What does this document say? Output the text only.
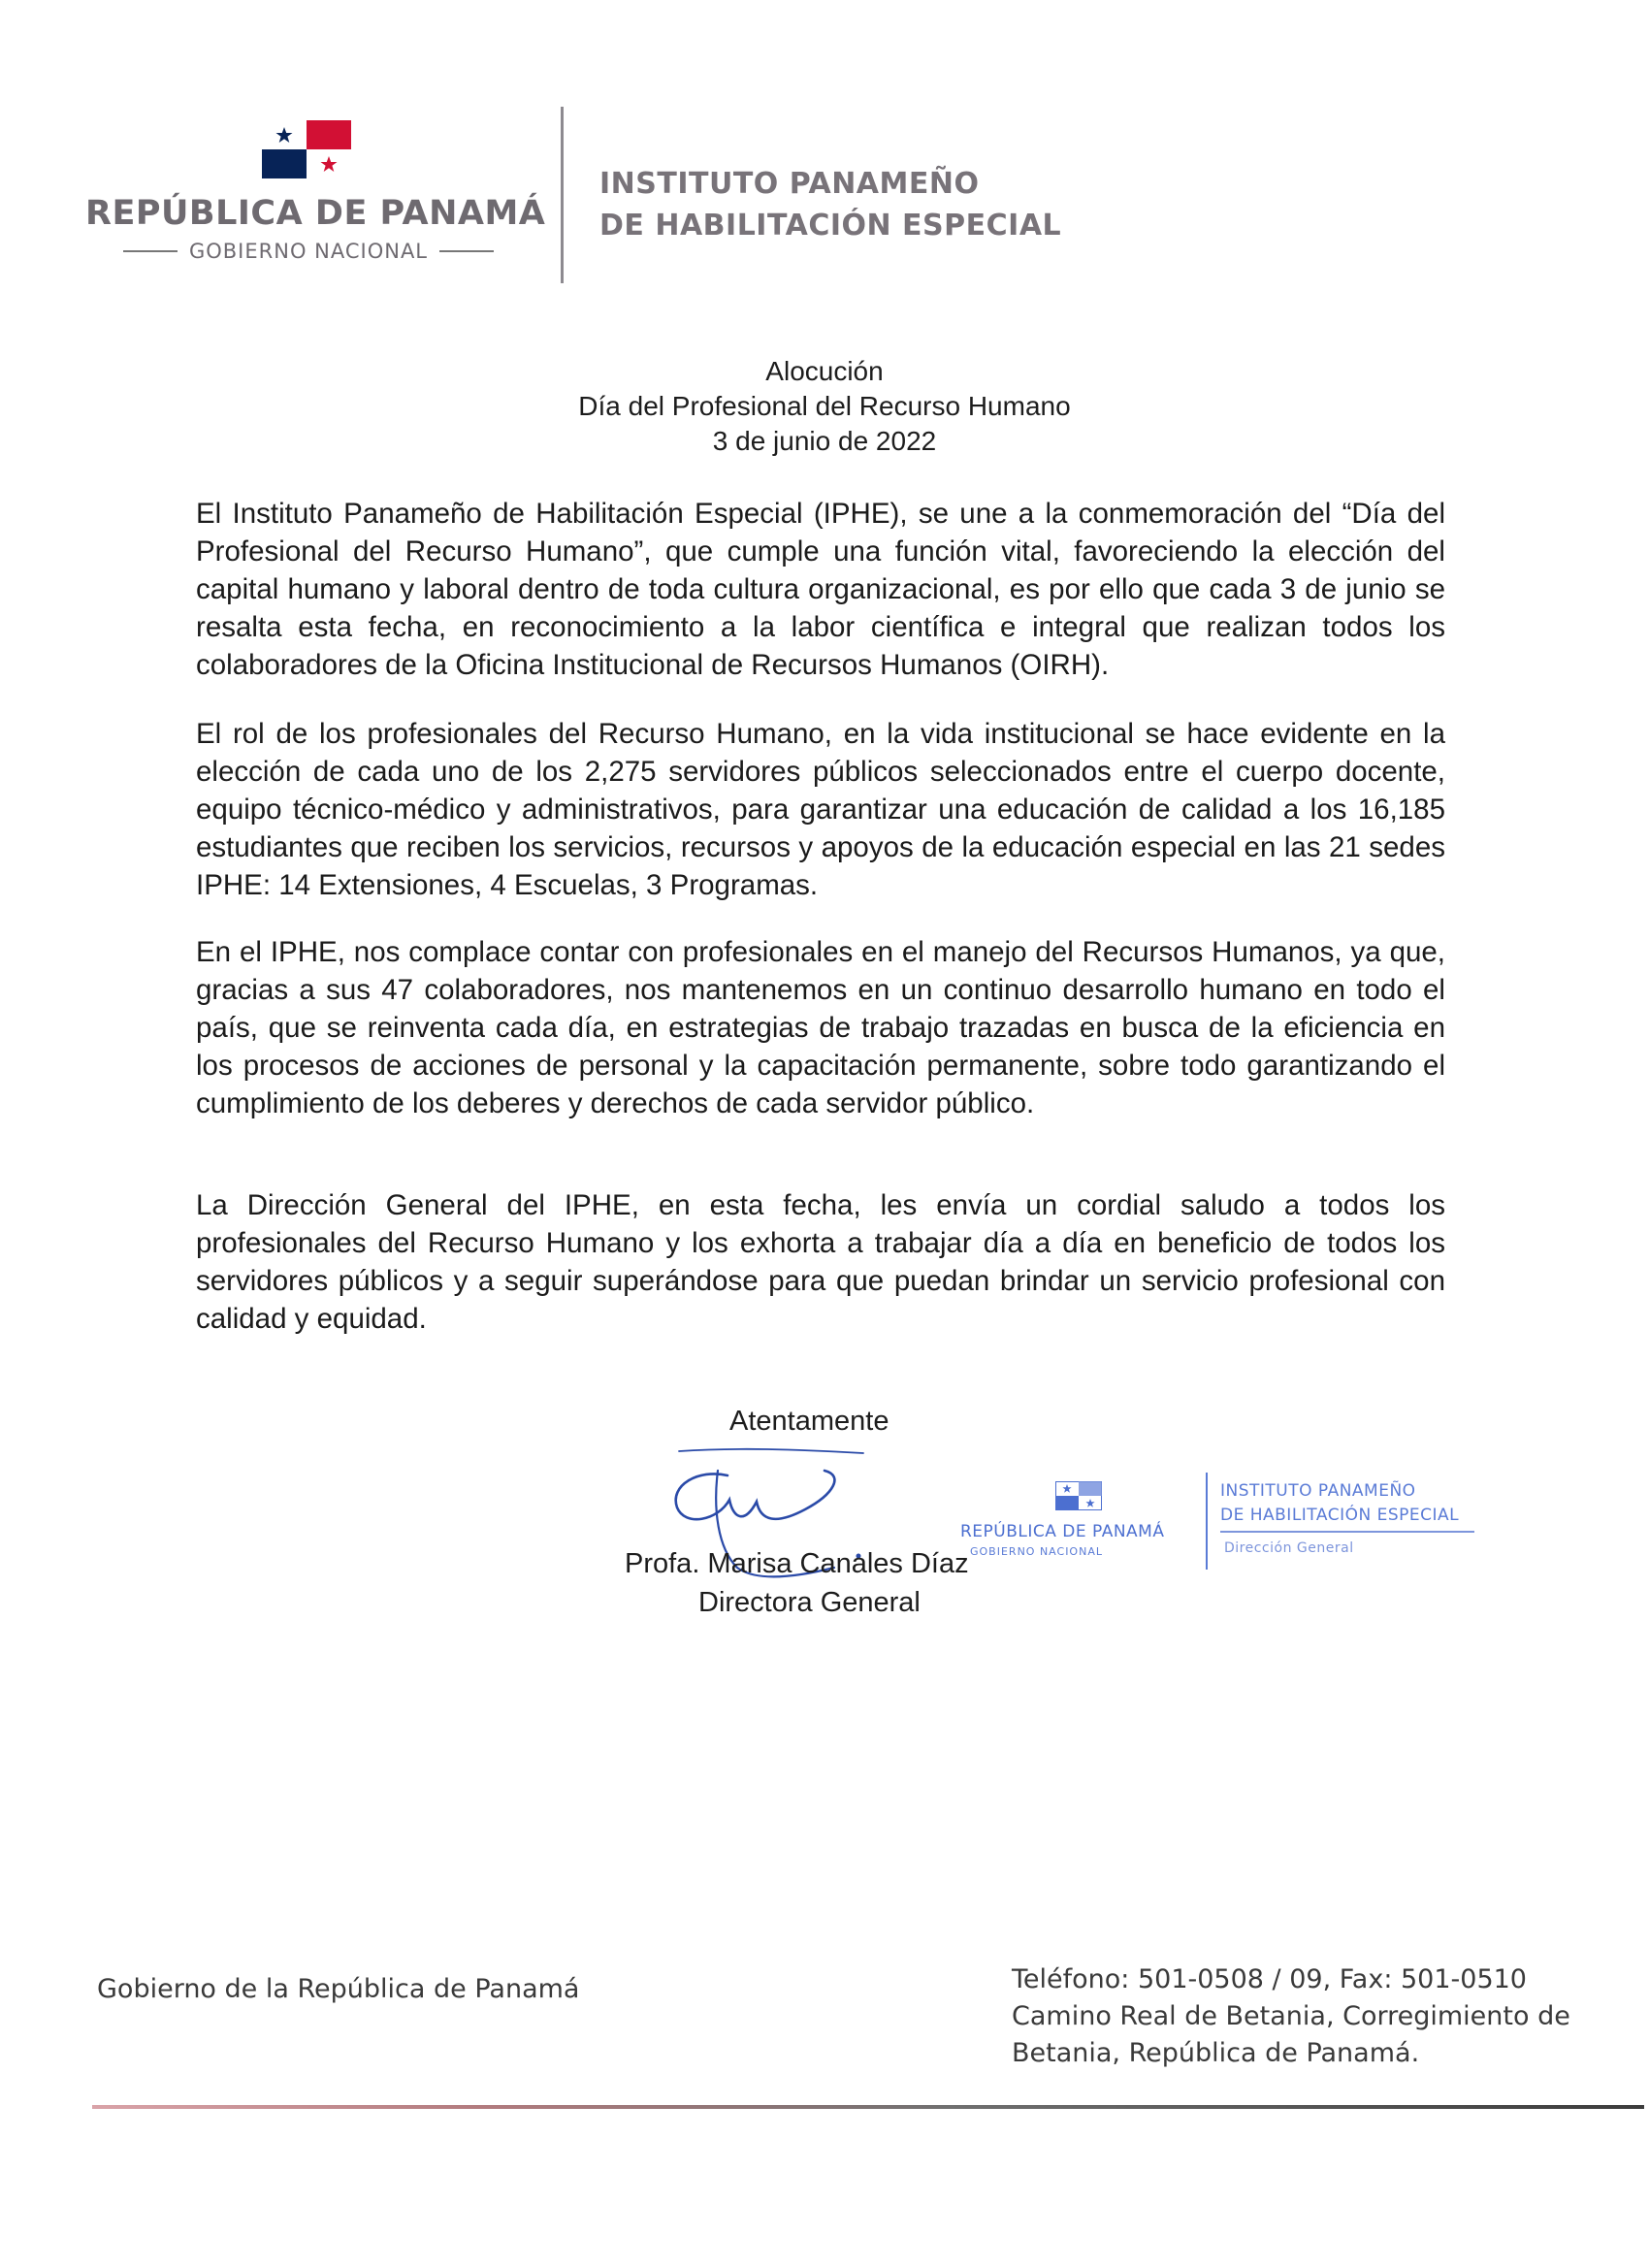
REPÚBLICA DE PANAMÁ
GOBIERNO NACIONAL
INSTITUTO PANAMEÑO
DE HABILITACIÓN ESPECIAL
Alocución
Día del Profesional del Recurso Humano
3 de junio de 2022
El Instituto Panameño de Habilitación Especial (IPHE), se une a la conmemoración del “Día del Profesional del Recurso Humano”, que cumple una función vital, favoreciendo la elección del capital humano y laboral dentro de toda cultura organizacional, es por ello que cada 3 de junio se resalta esta fecha, en reconocimiento a la labor científica e integral que realizan todos los colaboradores de la Oficina Institucional de Recursos Humanos (OIRH).
El rol de los profesionales del Recurso Humano, en la vida institucional se hace evidente en la elección de cada uno de los 2,275 servidores públicos seleccionados entre el cuerpo docente, equipo técnico-médico y administrativos, para garantizar una educación de calidad a los 16,185 estudiantes que reciben los servicios, recursos y apoyos de la educación especial en las 21 sedes IPHE: 14 Extensiones, 4 Escuelas, 3 Programas.
En el IPHE, nos complace contar con profesionales en el manejo del Recursos Humanos, ya que, gracias a sus 47 colaboradores, nos mantenemos en un continuo desarrollo humano en todo el país, que se reinventa cada día, en estrategias de trabajo trazadas en busca de la eficiencia en los procesos de acciones de personal y la capacitación permanente, sobre todo garantizando el cumplimiento de los deberes y derechos de cada servidor público.
La Dirección General del IPHE, en esta fecha, les envía un cordial saludo a todos los profesionales del Recurso Humano y los exhorta a trabajar día a día en beneficio de todos los servidores públicos y a seguir superándose para que puedan brindar un servicio profesional con calidad y equidad.
Atentamente
Profa. Marisa Canales Díaz
Directora General
REPÚBLICA DE PANAMÁ
GOBIERNO NACIONAL
INSTITUTO PANAMEÑO
DE HABILITACIÓN ESPECIAL
Dirección General
Gobierno de la República de Panamá	Teléfono: 501-0508 / 09, Fax: 501-0510
Camino Real de Betania, Corregimiento de
Betania, República de Panamá.
